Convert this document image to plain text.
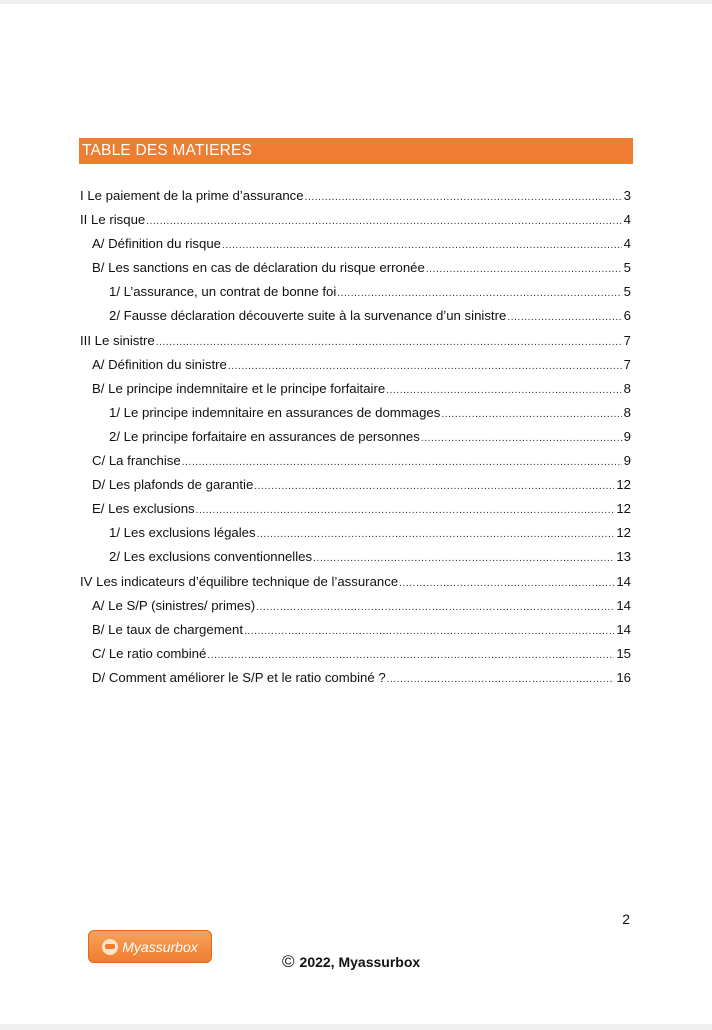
TABLE DES MATIERES
I Le paiement de la prime d’assurance .....	3
II Le risque .....	4
A/ Définition du risque .....	4
B/ Les sanctions en cas de déclaration du risque erronée .....	5
1/ L’assurance, un contrat de bonne foi .....	5
2/ Fausse déclaration découverte suite à la survenance d’un sinistre .....	6
III Le sinistre .....	7
A/ Définition du sinistre .....	7
B/ Le principe indemnitaire et le principe forfaitaire .....	8
1/ Le principe indemnitaire en assurances de dommages .....	8
2/ Le principe forfaitaire en assurances de personnes .....	9
C/ La franchise .....	9
D/ Les plafonds de garantie .....	12
E/ Les exclusions .....	12
1/ Les exclusions légales .....	12
2/ Les exclusions conventionnelles .....	13
IV Les indicateurs d’équilibre technique de l’assurance .....	14
A/ Le S/P (sinistres/ primes) .....	14
B/ Le taux de chargement .....	14
C/ Le ratio combiné .....	15
D/ Comment améliorer le S/P et le ratio combiné ? .....	16
2
Myassurbox
© 2022, Myassurbox
